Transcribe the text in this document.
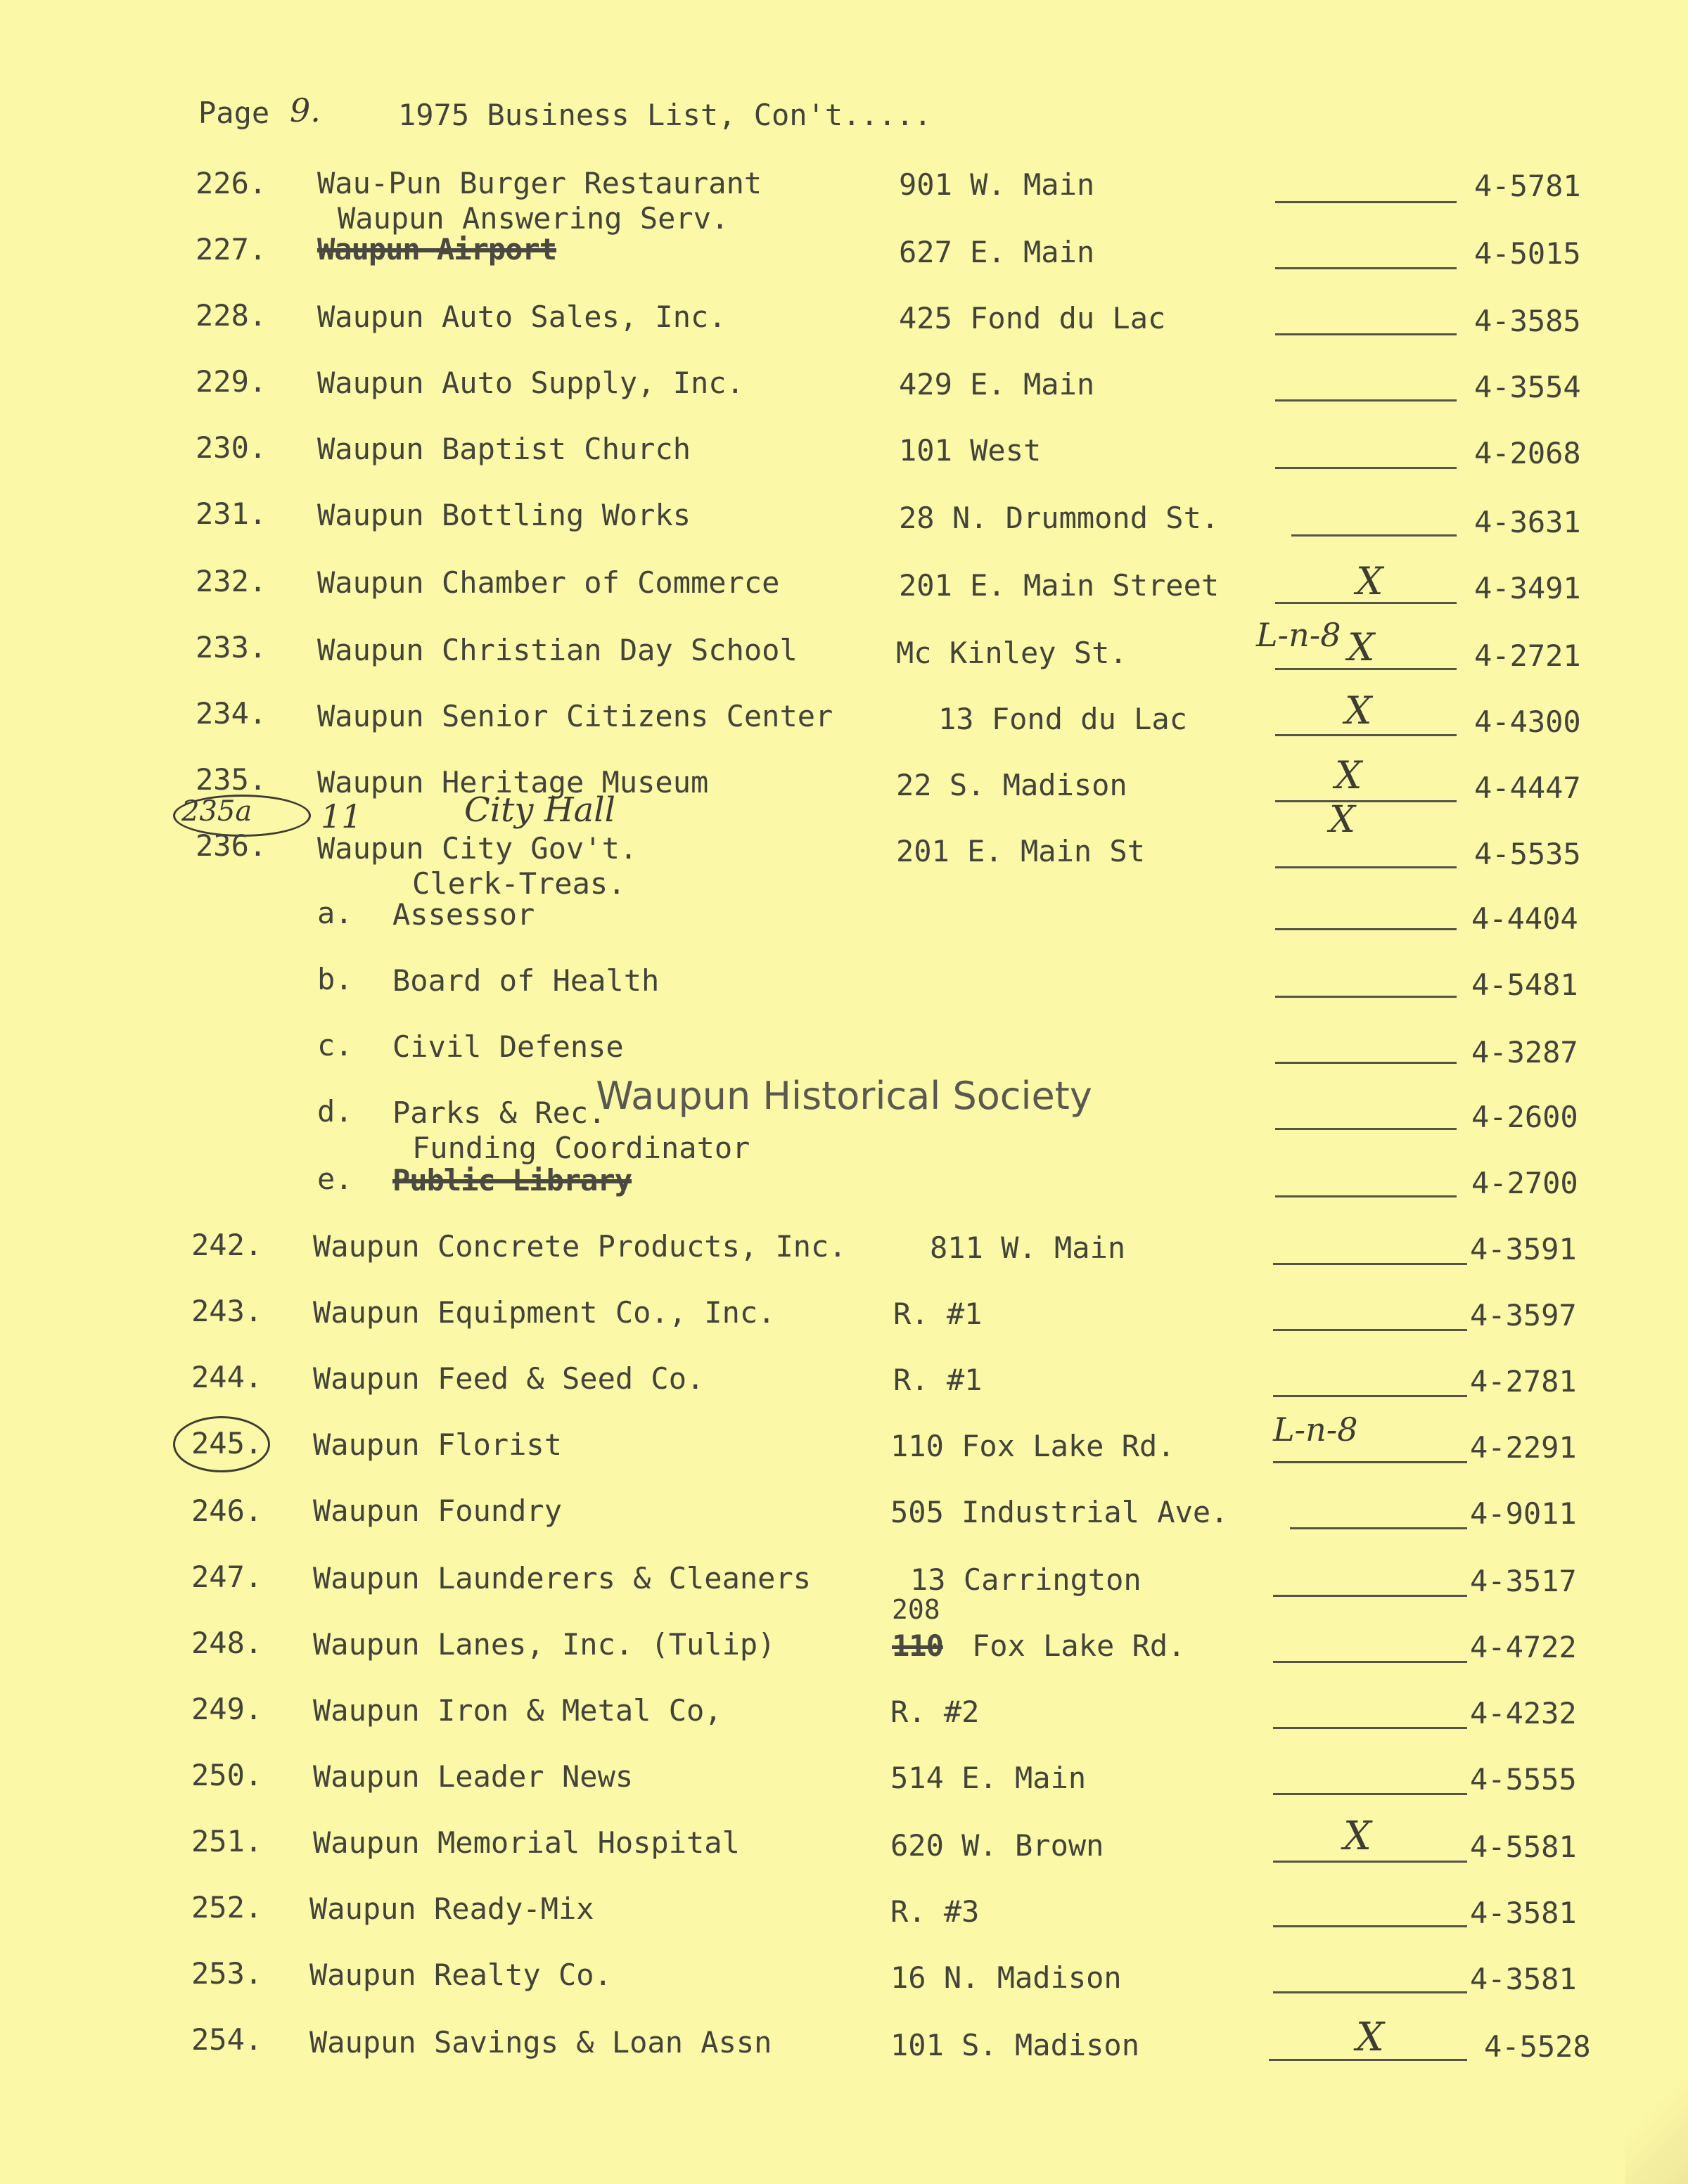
Page 9.	1975 Business List, Con't.....
226. Wau-Pun Burger Restaurant	901 W. Main	4-5781
Waupun Answering Serv.
227. Waupun Airport	627 E. Main	4-5015
228. Waupun Auto Sales, Inc.	425 Fond du Lac	4-3585
229. Waupun Auto Supply, Inc.	429 E. Main	4-3554
230. Waupun Baptist Church	101 West	4-2068
231. Waupun Bottling Works	28 N. Drummond St.	4-3631
232. Waupun Chamber of Commerce	201 E. Main Street	X	4-3491
233. Waupun Christian Day School	Mc Kinley St.	L-n-8 X	4-2721
234. Waupun Senior Citizens Center	13 Fond du Lac	X	4-4300
235. Waupun Heritage Museum	22 S. Madison	X	4-4447
235a 11	City Hall	X
236. Waupun City Gov't.	201 E. Main St	4-5535
Clerk-Treas.
a. Assessor	4-4404
b. Board of Health	4-5481
c. Civil Defense	4-3287
d. Parks & Rec.	4-2600
Funding Coordinator
e. Public Library	4-2700
Waupun Historical Society
242. Waupun Concrete Products, Inc.	811 W. Main	4-3591
243. Waupun Equipment Co., Inc.	R. #1	4-3597
244. Waupun Feed & Seed Co.	R. #1	4-2781
245. Waupun Florist	110 Fox Lake Rd.	L-n-8	4-2291
246. Waupun Foundry	505 Industrial Ave.	4-9011
247. Waupun Launderers & Cleaners	13 Carrington	4-3517
208
248. Waupun Lanes, Inc. (Tulip)	110 Fox Lake Rd.	4-4722
249. Waupun Iron & Metal Co,	R. #2	4-4232
250. Waupun Leader News	514 E. Main	4-5555
251. Waupun Memorial Hospital	620 W. Brown	X	4-5581
252. Waupun Ready-Mix	R. #3	4-3581
253. Waupun Realty Co.	16 N. Madison	4-3581
254. Waupun Savings & Loan Assn	101 S. Madison	X	4-5528
